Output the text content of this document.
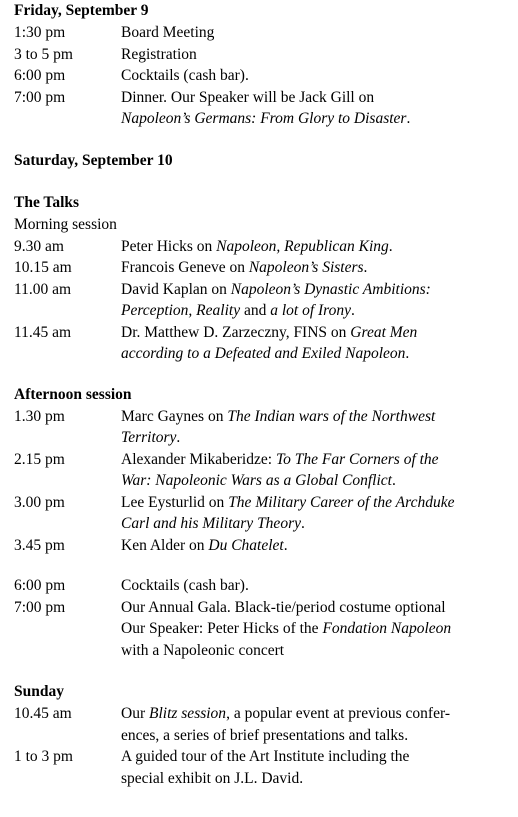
Friday, September 9
1:30 pm	Board Meeting
3 to 5 pm	Registration
6:00 pm	Cocktails (cash bar).
7:00 pm	Dinner. Our Speaker will be Jack Gill on
Napoleon’s Germans: From Glory to Disaster.
Saturday, September 10
The Talks
Morning session
9.30 am	Peter Hicks on Napoleon, Republican King.
10.15 am	Francois Geneve on Napoleon’s Sisters.
11.00 am	David Kaplan on Napoleon’s Dynastic Ambitions:
Perception, Reality and a lot of Irony.
11.45 am	Dr. Matthew D. Zarzeczny, FINS on Great Men
according to a Defeated and Exiled Napoleon.
Afternoon session
1.30 pm	Marc Gaynes on The Indian wars of the Northwest
Territory.
2.15 pm	Alexander Mikaberidze: To The Far Corners of the
War: Napoleonic Wars as a Global Conflict.
3.00 pm	Lee Eysturlid on The Military Career of the Archduke
Carl and his Military Theory.
3.45 pm	Ken Alder on Du Chatelet.
6:00 pm	Cocktails (cash bar).
7:00 pm	Our Annual Gala. Black-tie/period costume optional
Our Speaker: Peter Hicks of the Fondation Napoleon
with a Napoleonic concert
Sunday
10.45 am	Our Blitz session, a popular event at previous confer-
ences, a series of brief presentations and talks.
1 to 3 pm	A guided tour of the Art Institute including the
special exhibit on J.L. David.
